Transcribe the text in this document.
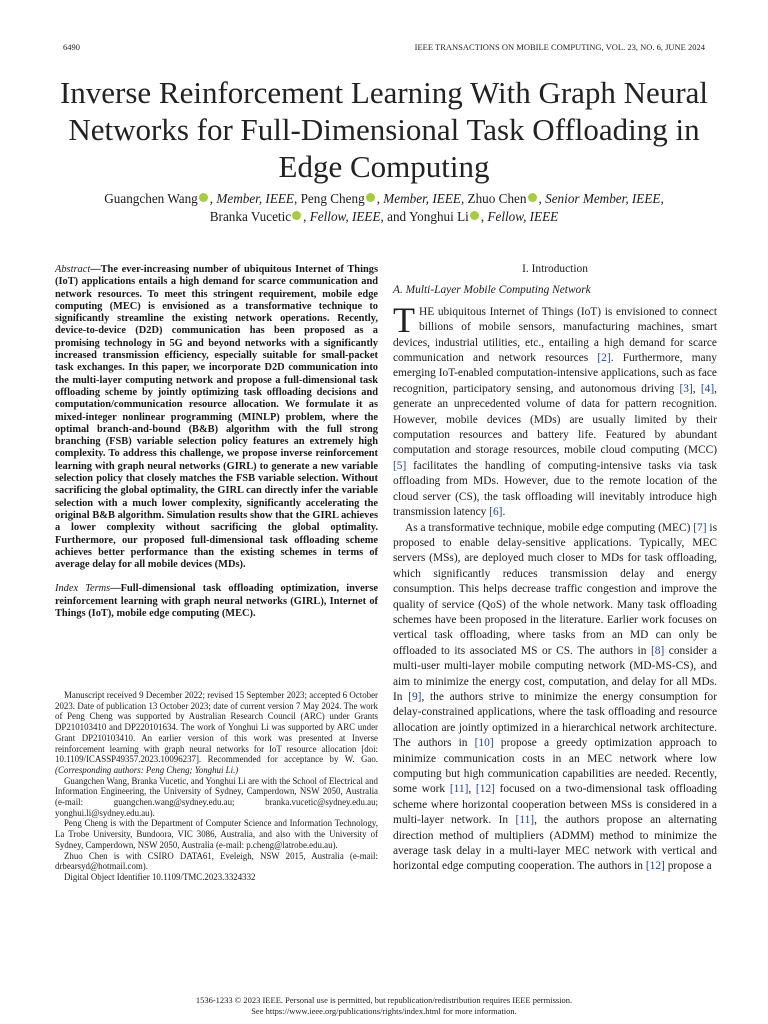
6490	IEEE TRANSACTIONS ON MOBILE COMPUTING, VOL. 23, NO. 6, JUNE 2024
Inverse Reinforcement Learning With Graph Neural
Networks for Full-Dimensional Task Offloading in
Edge Computing
Guangchen Wang , Member, IEEE, Peng Cheng , Member, IEEE, Zhuo Chen , Senior Member, IEEE,
Branka Vucetic , Fellow, IEEE, and Yonghui Li , Fellow, IEEE
Abstract—The ever-increasing number of ubiquitous Internet of Things (IoT) applications entails a high demand for scarce communication and network resources. To meet this stringent requirement, mobile edge computing (MEC) is envisioned as a transformative technique to significantly streamline the existing network operations. Recently, device-to-device (D2D) communication has been proposed as a promising technology in 5G and beyond networks with a significantly increased transmission efficiency, especially suitable for small-packet task exchanges. In this paper, we incorporate D2D communication into the multi-layer computing network and propose a full-dimensional task offloading scheme by jointly optimizing task offloading decisions and computation/communication resource allocation. We formulate it as mixed-integer nonlinear programming (MINLP) problem, where the optimal branch-and-bound (B&B) algorithm with the full strong branching (FSB) variable selection policy features an extremely high complexity. To address this challenge, we propose inverse reinforcement learning with graph neural networks (GIRL) to generate a new variable selection policy that closely matches the FSB variable selection. Without sacrificing the global optimality, the GIRL can directly infer the variable selection with a much lower complexity, significantly accelerating the original B&B algorithm. Simulation results show that the GIRL achieves a lower complexity without sacrificing the global optimality. Furthermore, our proposed full-dimensional task offloading scheme achieves better performance than the existing schemes in terms of average delay for all mobile devices (MDs).
Index Terms—Full-dimensional task offloading optimization, inverse reinforcement learning with graph neural networks (GIRL), Internet of Things (IoT), mobile edge computing (MEC).

Manuscript received 9 December 2022; revised 15 September 2023; accepted 6 October 2023. Date of publication 13 October 2023; date of current version 7 May 2024. The work of Peng Cheng was supported by Australian Research Council (ARC) under Grants DP210103410 and DP220101634. The work of Yonghui Li was supported by ARC under Grant DP210103410. An earlier version of this work was presented at Inverse reinforcement learning with graph neural networks for IoT resource allocation [doi: 10.1109/ICASSP49357.2023.10096237]. Recommended for acceptance by W. Gao. (Corresponding authors: Peng Cheng; Yonghui Li.)

Guangchen Wang, Branka Vucetic, and Yonghui Li are with the School of Electrical and Information Engineering, the University of Sydney, Camperdown, NSW 2050, Australia (e-mail: guangchen.wang@sydney.edu.au; branka.vucetic@sydney.edu.au; yonghui.li@sydney.edu.au).

Peng Cheng is with the Department of Computer Science and Information Technology, La Trobe University, Bundoora, VIC 3086, Australia, and also with the University of Sydney, Camperdown, NSW 2050, Australia (e-mail: p.cheng@latrobe.edu.au).

Zhuo Chen is with CSIRO DATA61, Eveleigh, NSW 2015, Australia (e-mail: drbearsyd@hotmail.com).

Digital Object Identifier 10.1109/TMC.2023.3324332

I. Introduction
A. Multi-Layer Mobile Computing Network

THE ubiquitous Internet of Things (IoT) is envisioned to connect billions of mobile sensors, manufacturing machines, smart devices, industrial utilities, etc., entailing a high demand for scarce communication and network resources [2]. Furthermore, many emerging IoT-enabled computation-intensive applications, such as face recognition, participatory sensing, and autonomous driving [3], [4], generate an unprecedented volume of data for pattern recognition. However, mobile devices (MDs) are usually limited by their computation resources and battery life. Featured by abundant computation and storage resources, mobile cloud computing (MCC) [5] facilitates the handling of computing-intensive tasks via task offloading from MDs. However, due to the remote location of the cloud server (CS), the task offloading will inevitably introduce high transmission latency [6].

As a transformative technique, mobile edge computing (MEC) [7] is proposed to enable delay-sensitive applications. Typically, MEC servers (MSs), are deployed much closer to MDs for task offloading, which significantly reduces transmission delay and energy consumption. This helps decrease traffic congestion and improve the quality of service (QoS) of the whole network. Many task offloading schemes have been proposed in the literature. Earlier work focuses on vertical task offloading, where tasks from an MD can only be offloaded to its associated MS or CS. The authors in [8] consider a multi-user multi-layer mobile computing network (MD-MS-CS), and aim to minimize the energy cost, computation, and delay for all MDs. In [9], the authors strive to minimize the energy consumption for delay-constrained applications, where the task offloading and resource allocation are jointly optimized in a hierarchical network architecture. The authors in [10] propose a greedy optimization approach to minimize communication costs in an MEC network where low computing but high communication capabilities are needed. Recently, some work [11], [12] focused on a two-dimensional task offloading scheme where horizontal cooperation between MSs is considered in a multi-layer network. In [11], the authors propose an alternating direction method of multipliers (ADMM) method to minimize the average task delay in a multi-layer MEC network with vertical and horizontal edge computing cooperation. The authors in [12] propose a

1536-1233 © 2023 IEEE. Personal use is permitted, but republication/redistribution requires IEEE permission.
See https://www.ieee.org/publications/rights/index.html for more information.
